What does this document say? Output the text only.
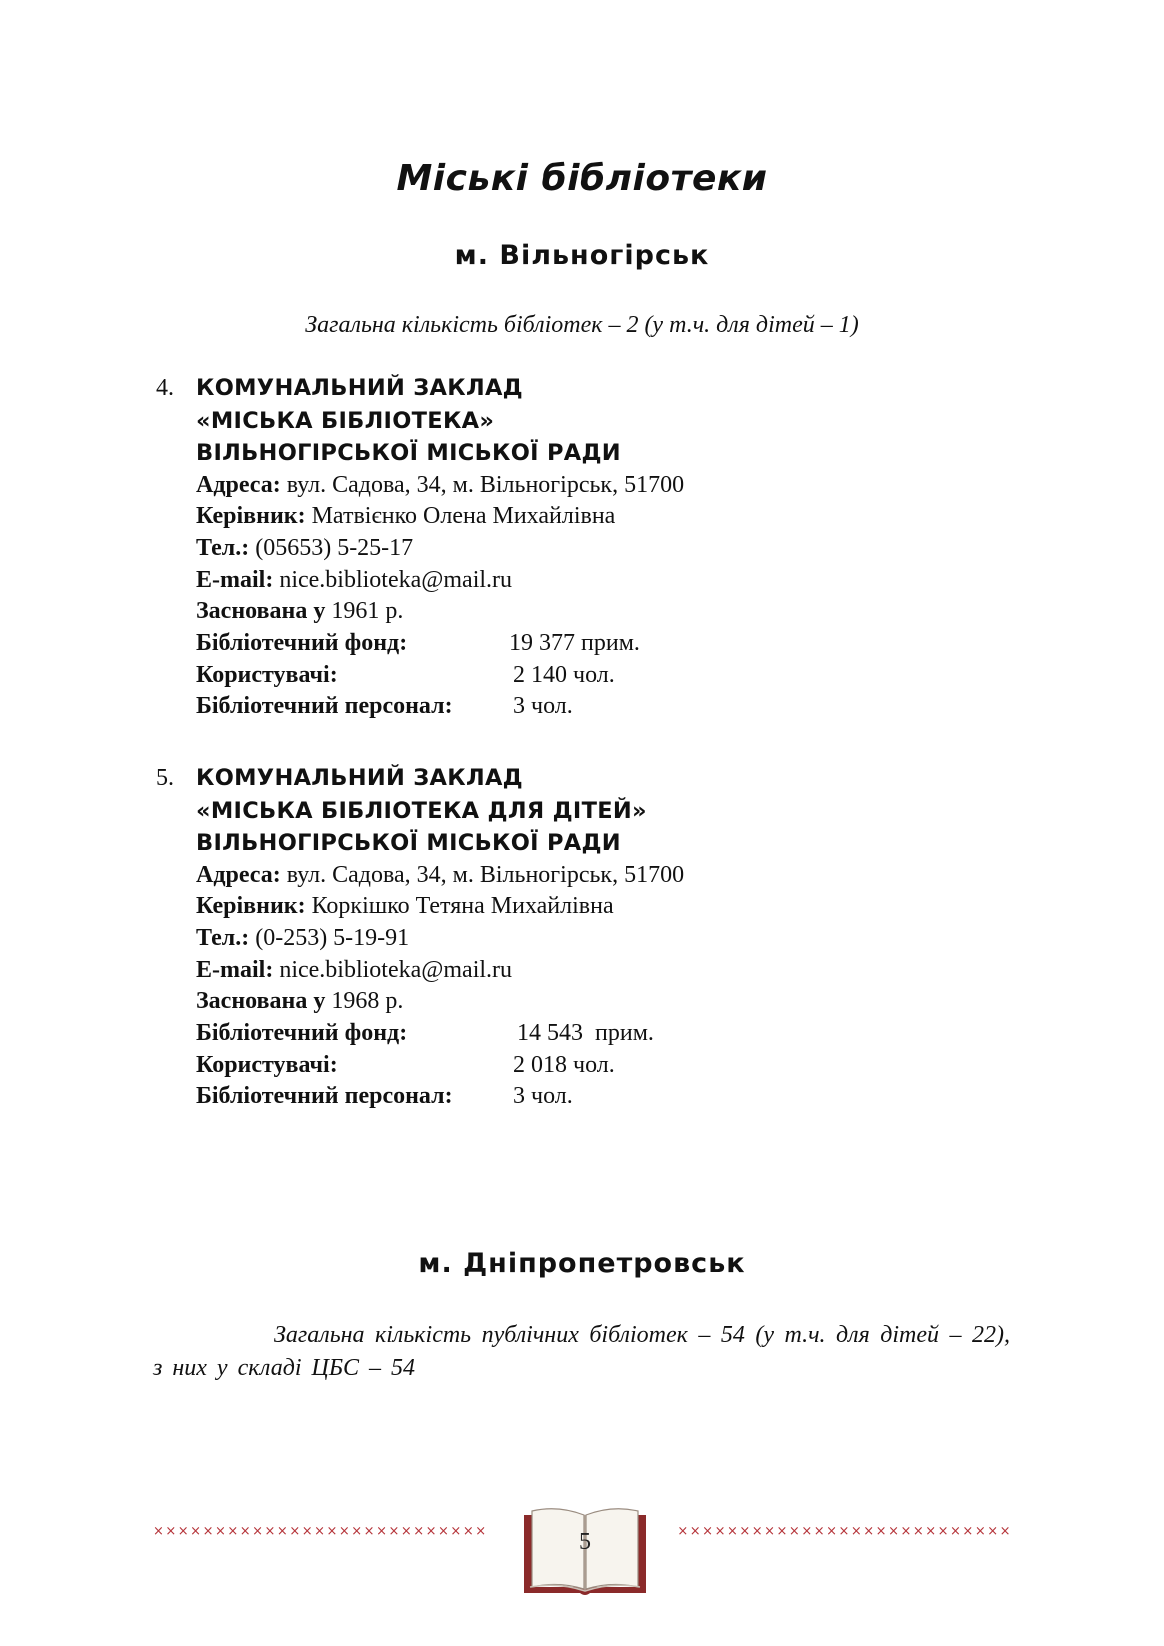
Міські бібліотеки
м. Вільногірськ

Загальна кількість бібліотек – 2 (у т.ч. для дітей – 1)

4. КОМУНАЛЬНИЙ ЗАКЛАД
«МІСЬКА БІБЛІОТЕКА»
ВІЛЬНОГІРСЬКОЇ МІСЬКОЇ РАДИ
Адреса: вул. Садова, 34, м. Вільногірськ, 51700
Керівник: Матвієнко Олена Михайлівна
Тел.: (05653) 5-25-17
E-mail: nice.biblioteka@mail.ru
Заснована у 1961 р.
Бібліотечний фонд:	19 377 прим.
Користувачі:	2 140 чол.
Бібліотечний персонал:	3 чол.
5. КОМУНАЛЬНИЙ ЗАКЛАД
«МІСЬКА БІБЛІОТЕКА ДЛЯ ДІТЕЙ»
ВІЛЬНОГІРСЬКОЇ МІСЬКОЇ РАДИ
Адреса: вул. Садова, 34, м. Вільногірськ, 51700
Керівник: Коркішко Тетяна Михайлівна
Тел.: (0-253) 5-19-91
E-mail: nice.biblioteka@mail.ru
Заснована у 1968 р.
Бібліотечний фонд:	14 543  прим.
Користувачі:	2 018 чол.
Бібліотечний персонал:	3 чол.
м. Дніпропетровськ

Загальна кількість публічних бібліотек – 54 (у т.ч. для дітей – 22), з них у складі ЦБС – 54

×××××××××××××××××××××××××××	×××××××××××××××××××××××××××
5
